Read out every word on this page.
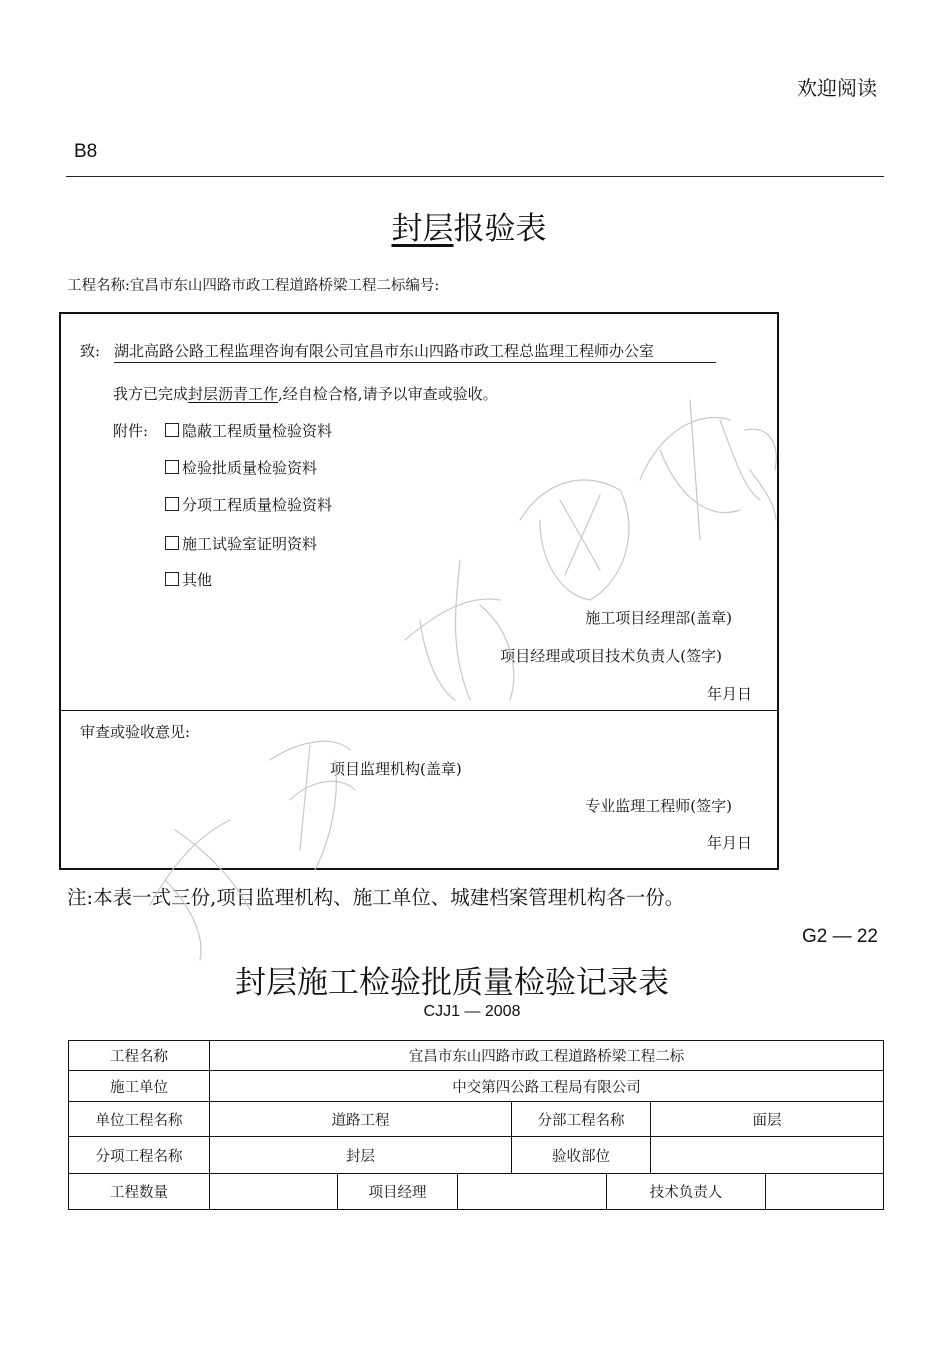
欢迎阅读
B8
封层报验表
工程名称:宜昌市东山四路市政工程道路桥梁工程二标编号:
致: 湖北高路公路工程监理咨询有限公司宜昌市东山四路市政工程总监理工程师办公室
我方已完成封层沥青工作,经自检合格,请予以审查或验收。
附件:	隐蔽工程质量检验资料
检验批质量检验资料
分项工程质量检验资料
施工试验室证明资料
其他
施工项目经理部(盖章)
项目经理或项目技术负责人(签字)
年月日
审查或验收意见:
项目监理机构(盖章)
专业监理工程师(签字)
年月日
注:本表一式三份,项目监理机构、施工单位、城建档案管理机构各一份。
G2 — 22
封层施工检验批质量检验记录表
CJJ1 — 2008
工程名称	宜昌市东山四路市政工程道路桥梁工程二标						
施工单位	中交第四公路工程局有限公司						
单位工程名称	道路工程			分部工程名称		面层	
分项工程名称	封层			验收部位			
工程数量		项目经理			技术负责人		
